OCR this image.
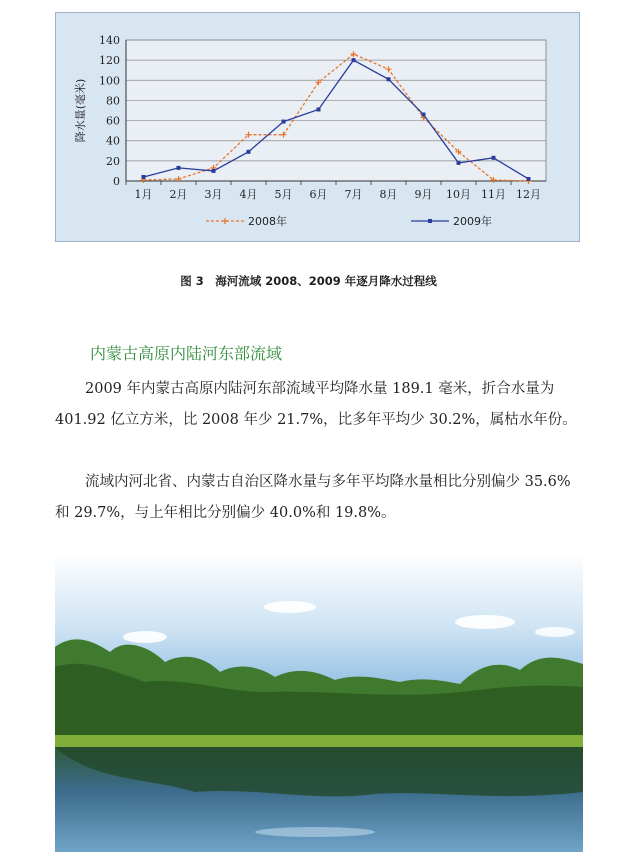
0
20
40
60
80
100
120
140
1月 2月 3月 4月 5月 6月 7月 8月 9月 10月 11月 12月
降水量(毫米)
2008年	2009年
图 3　海河流域 2008、2009 年逐月降水过程线
内蒙古高原内陆河东部流域
2009 年内蒙古高原内陆河东部流域平均降水量 189.1 毫米，折合水量为 401.92 亿立方米，比 2008 年少 21.7%，比多年平均少 30.2%，属枯水年份。
流域内河北省、内蒙古自治区降水量与多年平均降水量相比分别偏少 35.6%和 29.7%，与上年相比分别偏少 40.0%和 19.8%。
